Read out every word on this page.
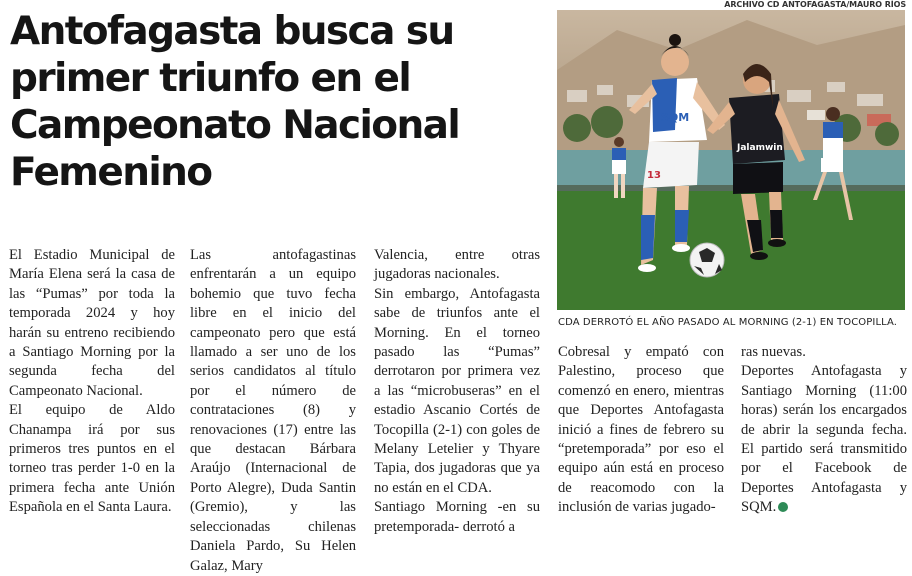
Antofagasta busca su primer triunfo en el Campeonato Nacional Femenino
ARCHIVO CD ANTOFAGASTA/MAURO RÍOS
SQM
13
Jalamwin
CDA DERROTÓ EL AÑO PASADO AL MORNING (2-1) EN TOCOPILLA.

El Estadio Municipal de María Elena será la casa de las “Pumas” por toda la temporada 2024 y hoy harán su entreno recibiendo a Santiago Morning por la segunda fecha del Campeonato Nacional.

El equipo de Aldo Chanampa irá por sus primeros tres puntos en el torneo tras perder 1-0 en la primera fecha ante Unión Española en el Santa Laura.

Las antofagastinas enfrentarán a un equipo bohemio que tuvo fecha libre en el inicio del campeonato pero que está llamado a ser uno de los serios candidatos al título por el número de contrataciones (8) y renovaciones (17) entre las que destacan Bárbara Araújo (Internacional de Porto Alegre), Duda Santin (Gremio), y las seleccionadas chilenas Daniela Pardo, Su Helen Galaz, Mary

Valencia, entre otras jugadoras nacionales.

Sin embargo, Antofagasta sabe de triunfos ante el Morning. En el torneo pasado las “Pumas” derrotaron por primera vez a las “microbuseras” en el estadio Ascanio Cortés de Tocopilla (2-1) con goles de Melany Letelier y Thyare Tapia, dos jugadoras que ya no están en el CDA.

Santiago Morning -en su pretemporada- derrotó a

Cobresal y empató con Palestino, proceso que comenzó en enero, mientras que Deportes Antofagasta inició a fines de febrero su “pretemporada” por eso el equipo aún está en proceso de reacomodo con la inclusión de varias jugado-

ras nuevas.

Deportes Antofagasta y Santiago Morning (11:00 horas) serán los encargados de abrir la segunda fecha. El partido será transmitido por el Facebook de Deportes Antofagasta y SQM.
